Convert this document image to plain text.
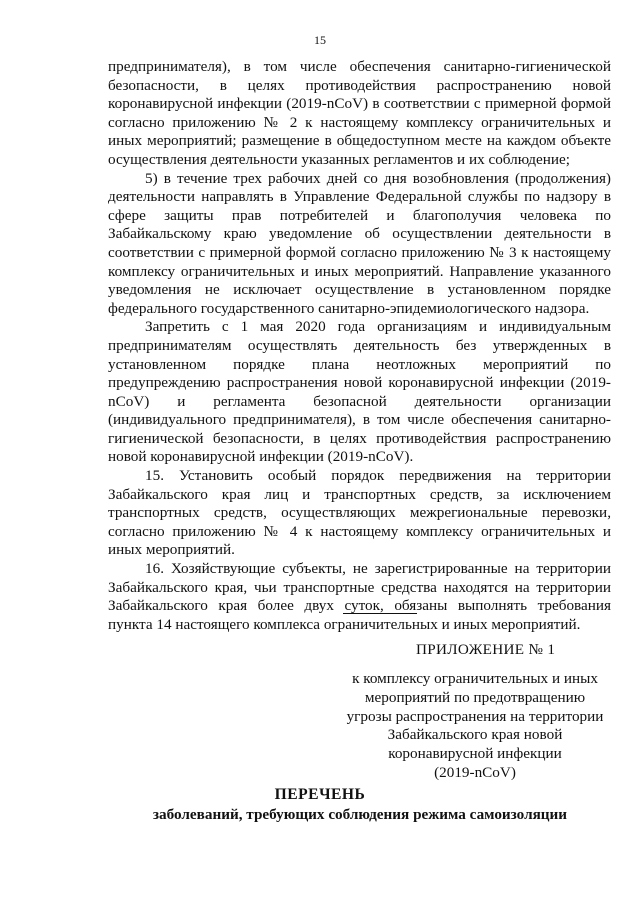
15

предпринимателя), в том числе обеспечения санитарно-гигиенической безопасности, в целях противодействия распространению новой коронавирусной инфекции (2019-nCoV) в соответствии с примерной формой согласно приложению № 2 к настоящему комплексу ограничительных и иных мероприятий; размещение в общедоступном месте на каждом объекте осуществления деятельности указанных регламентов и их соблюдение;

5) в течение трех рабочих дней со дня возобновления (продолжения) деятельности направлять в Управление Федеральной службы по надзору в сфере защиты прав потребителей и благополучия человека по Забайкальскому краю уведомление об осуществлении деятельности в соответствии с примерной формой согласно приложению № 3 к настоящему комплексу ограничительных и иных мероприятий. Направление указанного уведомления не исключает осуществление в установленном порядке федерального государственного санитарно-эпидемиологического надзора.

Запретить с 1 мая 2020 года организациям и индивидуальным предпринимателям осуществлять деятельность без утвержденных в установленном порядке плана неотложных мероприятий по предупреждению распространения новой коронавирусной инфекции (2019-nCoV) и регламента безопасной деятельности организации (индивидуального предпринимателя), в том числе обеспечения санитарно-гигиенической безопасности, в целях противодействия распространению новой коронавирусной инфекции (2019-nCoV).

15. Установить особый порядок передвижения на территории Забайкальского края лиц и транспортных средств, за исключением транспортных средств, осуществляющих межрегиональные перевозки, согласно приложению № 4 к настоящему комплексу ограничительных и иных мероприятий.

16. Хозяйствующие субъекты, не зарегистрированные на территории Забайкальского края, чьи транспортные средства находятся на территории Забайкальского края более двух суток, обязаны выполнять требования пункта 14 настоящего комплекса ограничительных и иных мероприятий.

ПРИЛОЖЕНИЕ № 1
к комплексу ограничительных и иных
мероприятий по предотвращению
угрозы распространения на территории
Забайкальского края новой
коронавирусной инфекции
(2019-nCoV)
ПЕРЕЧЕНЬ
заболеваний, требующих соблюдения режима самоизоляции
